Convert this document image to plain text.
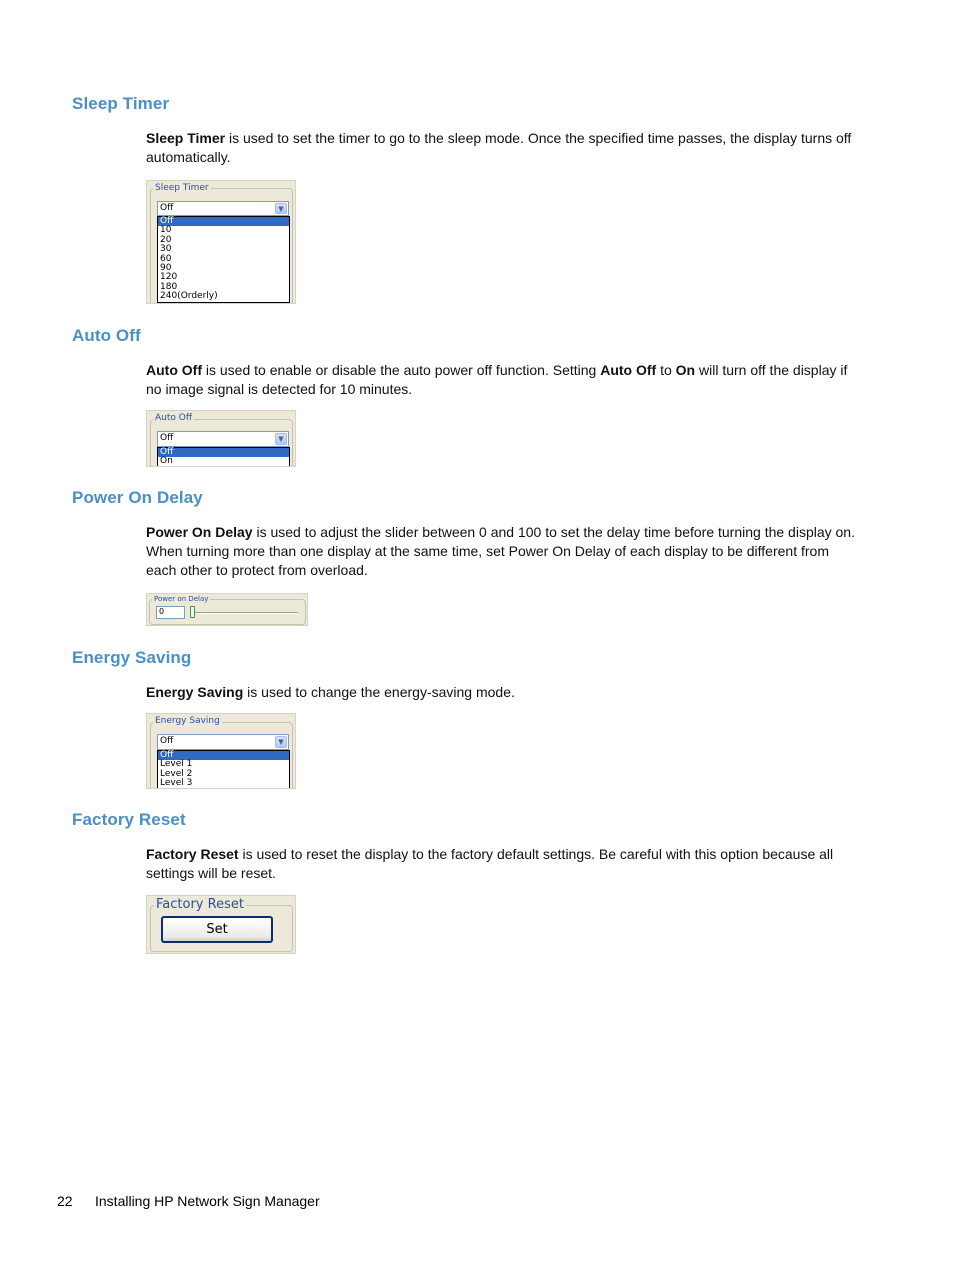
Sleep Timer

Sleep Timer is used to set the timer to go to the sleep mode. Once the specified time passes, the display turns off automatically.

Sleep Timer
Off	▼
Off
10
20
30
60
90
120
180
240(Orderly)
Auto Off

Auto Off is used to enable or disable the auto power off function. Setting Auto Off to On will turn off the display if no image signal is detected for 10 minutes.

Auto Off
Off	▼
Off
On
Power On Delay

Power On Delay is used to adjust the slider between 0 and 100 to set the delay time before turning the display on. When turning more than one display at the same time, set Power On Delay of each display to be different from each other to protect from overload.

Power on Delay
0
Energy Saving

Energy Saving is used to change the energy-saving mode.

Energy Saving
Off	▼
Off
Level 1
Level 2
Level 3
Factory Reset

Factory Reset is used to reset the display to the factory default settings. Be careful with this option because all settings will be reset.

Factory Reset
Set
22 Installing HP Network Sign Manager
